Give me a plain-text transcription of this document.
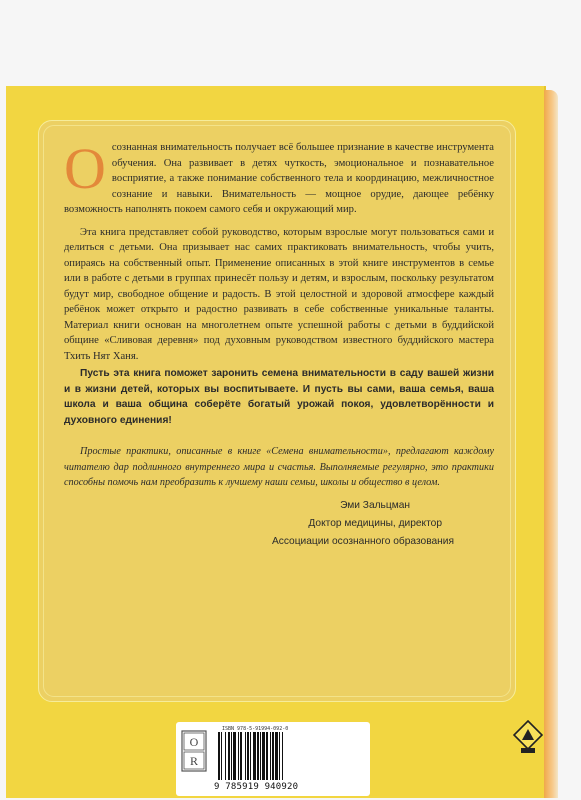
О сознанная внимательность получает всё большее признание в качестве инструмента обучения. Она развивает в детях чуткость, эмоциональное и познавательное восприятие, а также понимание собственного тела и координацию, межличностное сознание и навыки. Внимательность — мощное орудие, дающее ребёнку возможность наполнять покоем самого себя и окружающий мир.

Эта книга представляет собой руководство, которым взрослые могут пользоваться сами и делиться с детьми. Она призывает нас самих практиковать внимательность, чтобы учить, опираясь на собственный опыт. Применение описанных в этой книге инструментов в семье или в работе с детьми в группах принесёт пользу и детям, и взрослым, поскольку результатом будут мир, свободное общение и радость. В этой целостной и здоровой атмосфере каждый ребёнок может открыто и радостно развивать в себе собственные уникальные таланты. Материал книги основан на многолетнем опыте успешной работы с детьми в буддийской общине «Сливовая деревня» под духовным руководством известного буддийского мастера Тхить Нят Ханя.

Пусть эта книга поможет заронить семена внимательности в саду вашей жизни и в жизни детей, которых вы воспитываете. И пусть вы сами, ваша семья, ваша школа и ваша община соберёте богатый урожай покоя, удовлетворённости и духовного единения!

Простые практики, описанные в книге «Семена внимательности», предлагают каждому читателю дар подлинного внутреннего мира и счастья. Выполняемые регулярно, это практики способны помочь нам преобразить к лучшему наши семьи, школы и общество в целом.

Эми Зальцман
Доктор медицины, директор
Ассоциации осознанного образования
O
R
ISBN 978-5-91994-092-0
9 785919 940920
